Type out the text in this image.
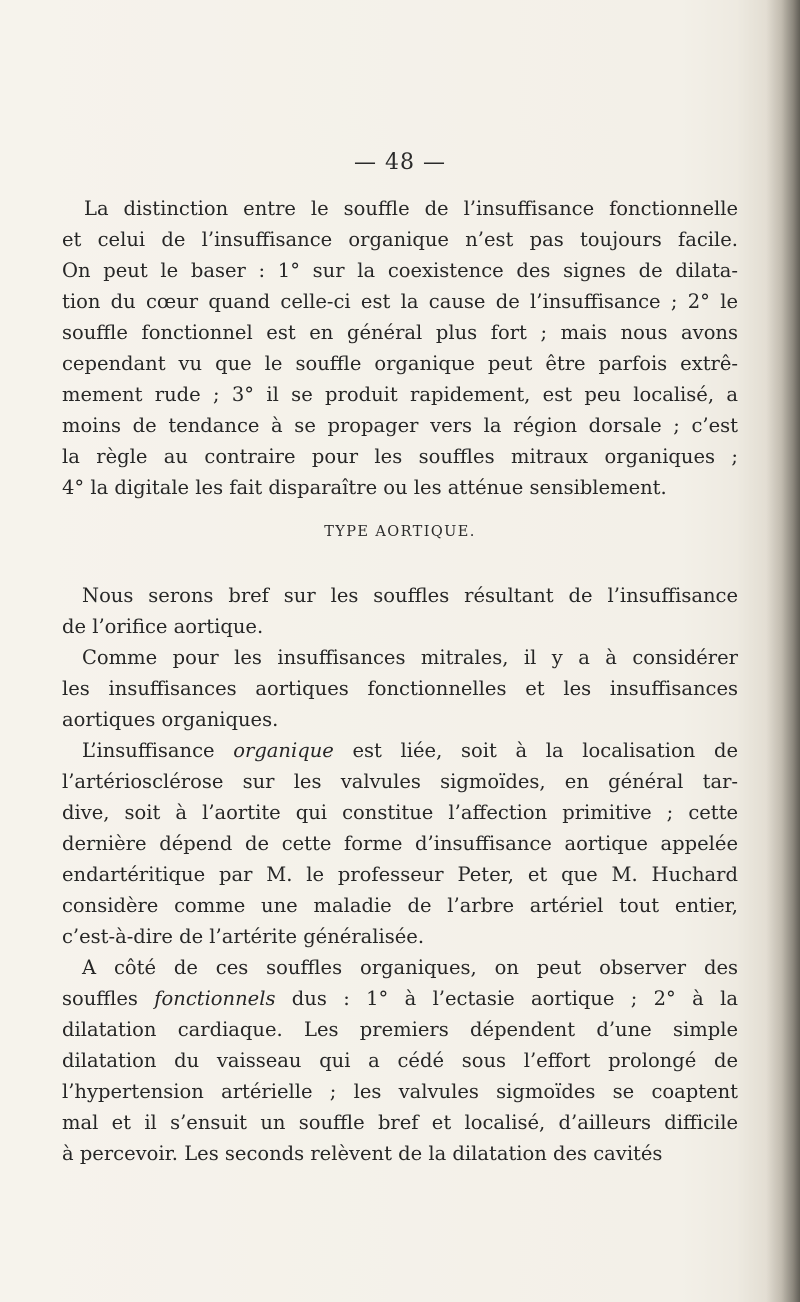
— 48 —
La distinction entre le souffle de l’insuffisance fonctionnelle
et celui de l’insuffisance organique n’est pas toujours facile.
On peut le baser : 1° sur la coexistence des signes de dilata-
tion du cœur quand celle-ci est la cause de l’insuffisance ; 2° le
souffle fonctionnel est en général plus fort ; mais nous avons
cependant vu que le souffle organique peut être parfois extrê-
mement rude ; 3° il se produit rapidement, est peu localisé, a
moins de tendance à se propager vers la région dorsale ; c’est
la règle au contraire pour les souffles mitraux organiques ;
4° la digitale les fait disparaître ou les atténue sensiblement.
TYPE AORTIQUE.
Nous serons bref sur les souffles résultant de l’insuffisance
de l’orifice aortique.
Comme pour les insuffisances mitrales, il y a à considérer
les insuffisances aortiques fonctionnelles et les insuffisances
aortiques organiques.
L’insuffisance organique est liée, soit à la localisation de
l’artériosclérose sur les valvules sigmoïdes, en général tar-
dive, soit à l’aortite qui constitue l’affection primitive ; cette
dernière dépend de cette forme d’insuffisance aortique appelée
endartéritique par M. le professeur Peter, et que M. Huchard
considère comme une maladie de l’arbre artériel tout entier,
c’est-à-dire de l’artérite généralisée.
A côté de ces souffles organiques, on peut observer des
souffles fonctionnels dus : 1° à l’ectasie aortique ; 2° à la
dilatation cardiaque. Les premiers dépendent d’une simple
dilatation du vaisseau qui a cédé sous l’effort prolongé de
l’hypertension artérielle ; les valvules sigmoïdes se coaptent
mal et il s’ensuit un souffle bref et localisé, d’ailleurs difficile
à percevoir. Les seconds relèvent de la dilatation des cavités
